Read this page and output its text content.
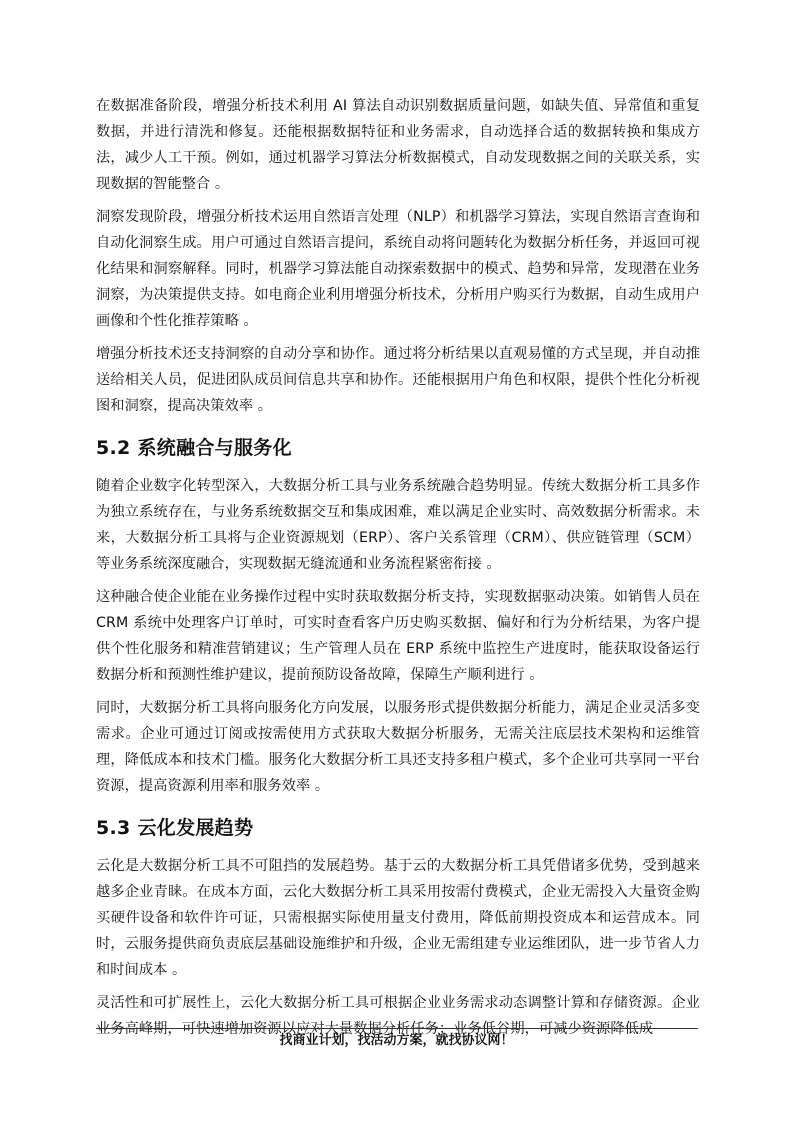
在数据准备阶段，增强分析技术利用 AI 算法自动识别数据质量问题，如缺失值、异常值和重复数据，并进行清洗和修复。还能根据数据特征和业务需求，自动选择合适的数据转换和集成方法，减少人工干预。例如，通过机器学习算法分析数据模式，自动发现数据之间的关联关系，实现数据的智能整合 。

洞察发现阶段，增强分析技术运用自然语言处理（NLP）和机器学习算法，实现自然语言查询和自动化洞察生成。用户可通过自然语言提问，系统自动将问题转化为数据分析任务，并返回可视化结果和洞察解释。同时，机器学习算法能自动探索数据中的模式、趋势和异常，发现潜在业务洞察，为决策提供支持。如电商企业利用增强分析技术，分析用户购买行为数据，自动生成用户画像和个性化推荐策略 。

增强分析技术还支持洞察的自动分享和协作。通过将分析结果以直观易懂的方式呈现，并自动推送给相关人员，促进团队成员间信息共享和协作。还能根据用户角色和权限，提供个性化分析视图和洞察，提高决策效率 。

5.2 系统融合与服务化

随着企业数字化转型深入，大数据分析工具与业务系统融合趋势明显。传统大数据分析工具多作为独立系统存在，与业务系统数据交互和集成困难，难以满足企业实时、高效数据分析需求。未来，大数据分析工具将与企业资源规划（ERP）、客户关系管理（CRM）、供应链管理（SCM）等业务系统深度融合，实现数据无缝流通和业务流程紧密衔接 。

这种融合使企业能在业务操作过程中实时获取数据分析支持，实现数据驱动决策。如销售人员在 CRM 系统中处理客户订单时，可实时查看客户历史购买数据、偏好和行为分析结果，为客户提供个性化服务和精准营销建议；生产管理人员在 ERP 系统中监控生产进度时，能获取设备运行数据分析和预测性维护建议，提前预防设备故障，保障生产顺利进行 。

同时，大数据分析工具将向服务化方向发展，以服务形式提供数据分析能力，满足企业灵活多变需求。企业可通过订阅或按需使用方式获取大数据分析服务，无需关注底层技术架构和运维管理，降低成本和技术门槛。服务化大数据分析工具还支持多租户模式，多个企业可共享同一平台资源，提高资源利用率和服务效率 。

5.3 云化发展趋势

云化是大数据分析工具不可阻挡的发展趋势。基于云的大数据分析工具凭借诸多优势，受到越来越多企业青睐。在成本方面，云化大数据分析工具采用按需付费模式，企业无需投入大量资金购买硬件设备和软件许可证，只需根据实际使用量支付费用，降低前期投资成本和运营成本。同时，云服务提供商负责底层基础设施维护和升级，企业无需组建专业运维团队，进一步节省人力和时间成本 。

灵活性和可扩展性上，云化大数据分析工具可根据企业业务需求动态调整计算和存储资源。企业业务高峰期，可快速增加资源以应对大量数据分析任务；业务低谷期，可减少资源降低成

找商业计划，找活动方案，就找协议网！
